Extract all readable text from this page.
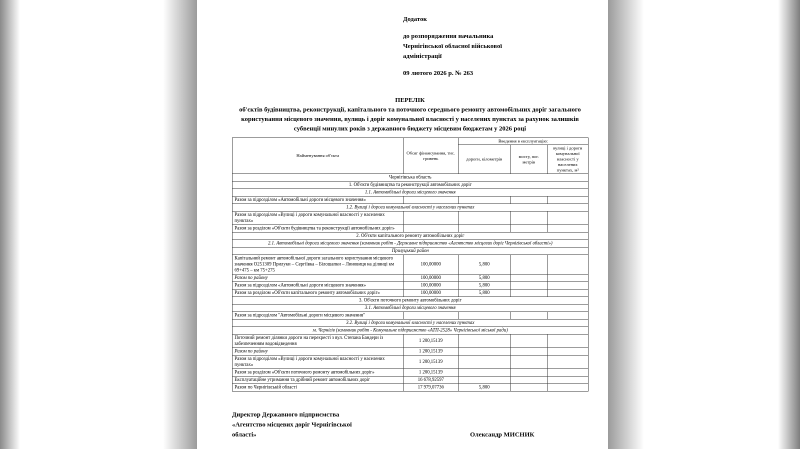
Додаток
до розпорядження начальника
Чернігівської обласної військової
адміністрації
09 лютого 2026 р. № 263
ПЕРЕЛІК
об'єктів будівництва, реконструкції, капітального та поточного середнього ремонту автомобільних доріг загального користування місцевого значення, вулиць і доріг комунальної власності у населених пунктах за рахунок залишків субвенції минулих років з державного бюджету місцевим бюджетам у 2026 році
Найменування об'єкта	Обсяг фінансування, тис. гривень	Введення в експлуатацію:		
		дороги, кілометрів	мосту, пог. метрів	вулиці і дороги комунальної власності у населених пунктах, м²
Чернігівська область				
1. Об'єкти будівництва та реконструкції автомобільних доріг				
1.1. Автомобільні дороги місцевого значення				
Разом за підрозділом «Автомобільні дороги місцевого значення»				
1.2. Вулиці і дороги комунальної власності у населених пунктах				
Разом за підрозділом «Вулиці і дороги комунальної власності у населених пунктах»				
Разом за розділом «Об'єкти будівництва та реконструкції автомобільних доріг»				
2. Об'єкти капітального ремонту автомобільних доріг				
2.1. Автомобільні дороги місцевого значення (замовник робіт - Державне підприємство «Агентство місцевих доріг Чернігівської області»)				
Прилуцький район				
Капітальний ремонт автомобільної дороги загального користування місцевого значення О251309 Прилуки – Сергіївка – Білошапки – Линовиця на ділянці км 69+475 – км 75+275	100,00000	5,800		
Разом по району	100,00000	5,800		
Разом за підрозділом «Автомобільні дороги місцевого значення»	100,00000	5,800		
Разом за розділом «Об'єкти капітального ремонту автомобільних доріг»	100,00000	5,800		
3. Об'єкти поточного ремонту автомобільних доріг				
3.1. Автомобільні дороги місцевого значення				
Разом за підрозділом "Автомобільні дороги місцевого значення"				
3.2. Вулиці і дороги комунальної власності у населених пунктах				
м. Чернігів (замовник робіт - Комунальне підприємство «АТП-2528» Чернігівської міської ради)				
Поточний ремонт ділянки дороги на перехресті з вул. Степана Бандери із забезпеченням водовідведення	1 200,15139			
Разом по району	1 200,15139			
Разом за підрозділом «Вулиці і дороги комунальної власності у населених пунктах»	1 200,15139			
Разом за розділом «Об'єкти поточного ремонту автомобільних доріг»	1 200,15139			
Експлуатаційне утримання та дрібний ремонт автомобільних доріг	16 678,92597			
Разом по Чернігівській області	17 979,07736	5,800		
Директор Державного підприємства «Агентство місцевих доріг Чернігівської області»	Олександр МИСНИК
